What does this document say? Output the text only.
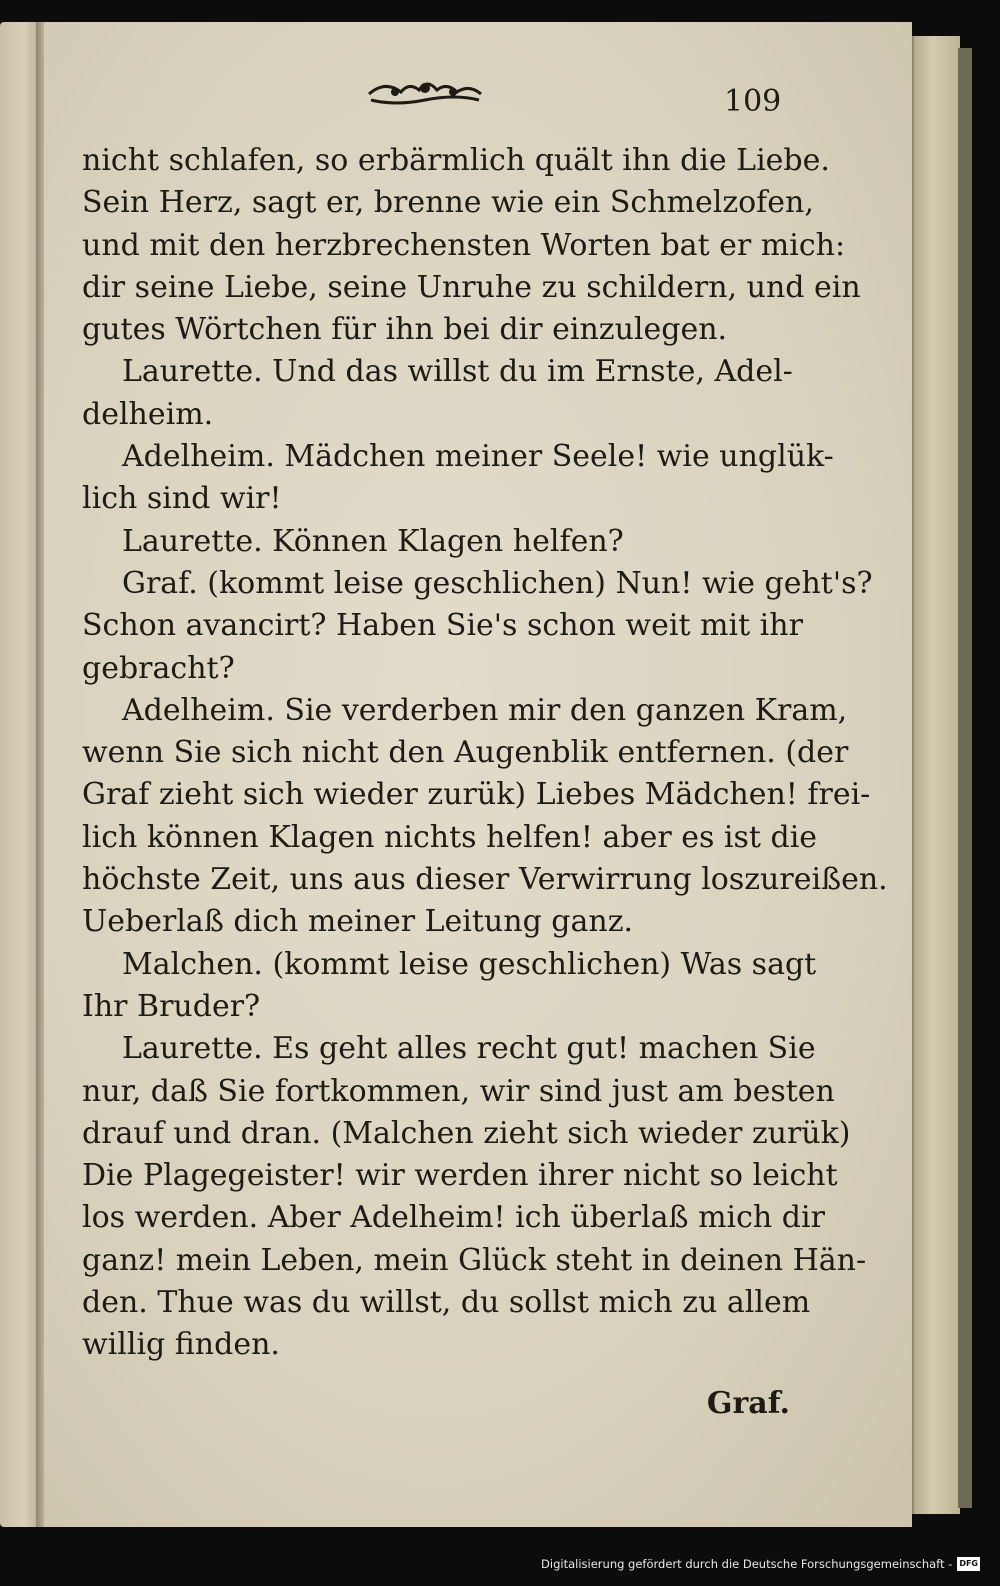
109
nicht schlafen, so erbärmlich quält ihn die Liebe.
Sein Herz, sagt er, brenne wie ein Schmelzofen,
und mit den herzbrechensten Worten bat er mich:
dir seine Liebe, seine Unruhe zu schildern, und ein
gutes Wörtchen für ihn bei dir einzulegen.
Laurette. Und das willst du im Ernste, Adel-
delheim.
Adelheim. Mädchen meiner Seele! wie unglük-
lich sind wir!
Laurette. Können Klagen helfen?
Graf. (kommt leise geschlichen) Nun! wie geht's?
Schon avancirt? Haben Sie's schon weit mit ihr
gebracht?
Adelheim. Sie verderben mir den ganzen Kram,
wenn Sie sich nicht den Augenblik entfernen. (der
Graf zieht sich wieder zurük) Liebes Mädchen! frei-
lich können Klagen nichts helfen! aber es ist die
höchste Zeit, uns aus dieser Verwirrung loszureißen.
Ueberlaß dich meiner Leitung ganz.
Malchen. (kommt leise geschlichen) Was sagt
Ihr Bruder?
Laurette. Es geht alles recht gut! machen Sie
nur, daß Sie fortkommen, wir sind just am besten
drauf und dran. (Malchen zieht sich wieder zurük)
Die Plagegeister! wir werden ihrer nicht so leicht
los werden. Aber Adelheim! ich überlaß mich dir
ganz! mein Leben, mein Glück steht in deinen Hän-
den. Thue was du willst, du sollst mich zu allem
willig finden.
Graf.
Digitalisierung gefördert durch die Deutsche Forschungsgemeinschaft - DFG
